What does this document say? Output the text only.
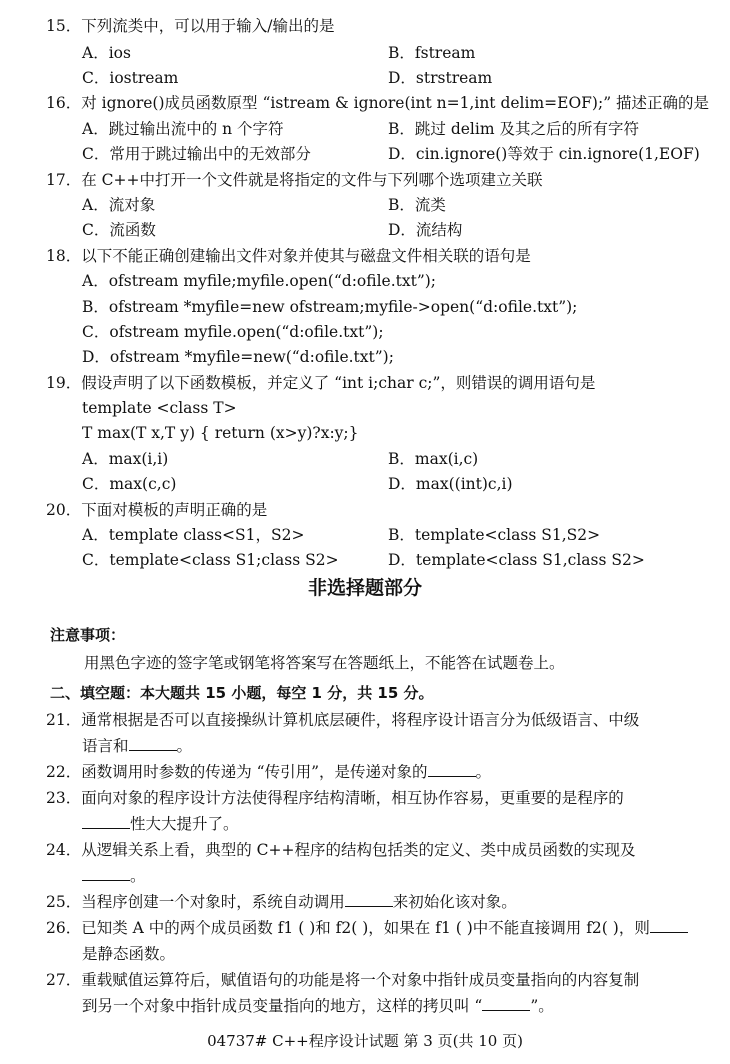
15．下列流类中，可以用于输入/输出的是
A．ios	B．fstream
C．iostream	D．strstream
16．对 ignore()成员函数原型 “istream & ignore(int n=1,int delim=EOF);” 描述正确的是
A．跳过输出流中的 n 个字符	B．跳过 delim 及其之后的所有字符
C．常用于跳过输出中的无效部分	D．cin.ignore()等效于 cin.ignore(1,EOF)
17．在 C++中打开一个文件就是将指定的文件与下列哪个选项建立关联
A．流对象	B．流类
C．流函数	D．流结构
18．以下不能正确创建输出文件对象并使其与磁盘文件相关联的语句是
A．ofstream myfile;myfile.open(“d:ofile.txt”);
B．ofstream *myfile=new ofstream;myfile->open(“d:ofile.txt”);
C．ofstream myfile.open(“d:ofile.txt”);
D．ofstream *myfile=new(“d:ofile.txt”);
19．假设声明了以下函数模板，并定义了 “int i;char c;”，则错误的调用语句是
template <class T>
T max(T x,T y) { return (x>y)?x:y;}
A．max(i,i)	B．max(i,c)
C．max(c,c)	D．max((int)c,i)
20．下面对模板的声明正确的是
A．template class<S1，S2>	B．template<class S1,S2>
C．template<class S1;class S2>	D．template<class S1,class S2>
非选择题部分
注意事项：
用黑色字迹的签字笔或钢笔将答案写在答题纸上，不能答在试题卷上。
二、填空题：本大题共 15 小题，每空 1 分，共 15 分。
21．通常根据是否可以直接操纵计算机底层硬件，将程序设计语言分为低级语言、中级
语言和	。
22．函数调用时参数的传递为 “传引用”，是传递对象的	。
23．面向对象的程序设计方法使得程序结构清晰，相互协作容易，更重要的是程序的
性大大提升了。
24．从逻辑关系上看，典型的 C++程序的结构包括类的定义、类中成员函数的实现及
。
25．当程序创建一个对象时，系统自动调用	来初始化该对象。
26．已知类 A 中的两个成员函数 f1 ( )和 f2( )，如果在 f1 ( )中不能直接调用 f2( )，则
是静态函数。
27．重载赋值运算符后，赋值语句的功能是将一个对象中指针成员变量指向的内容复制
到另一个对象中指针成员变量指向的地方，这样的拷贝叫 “	”。
04737# C++程序设计试题 第 3 页(共 10 页)
